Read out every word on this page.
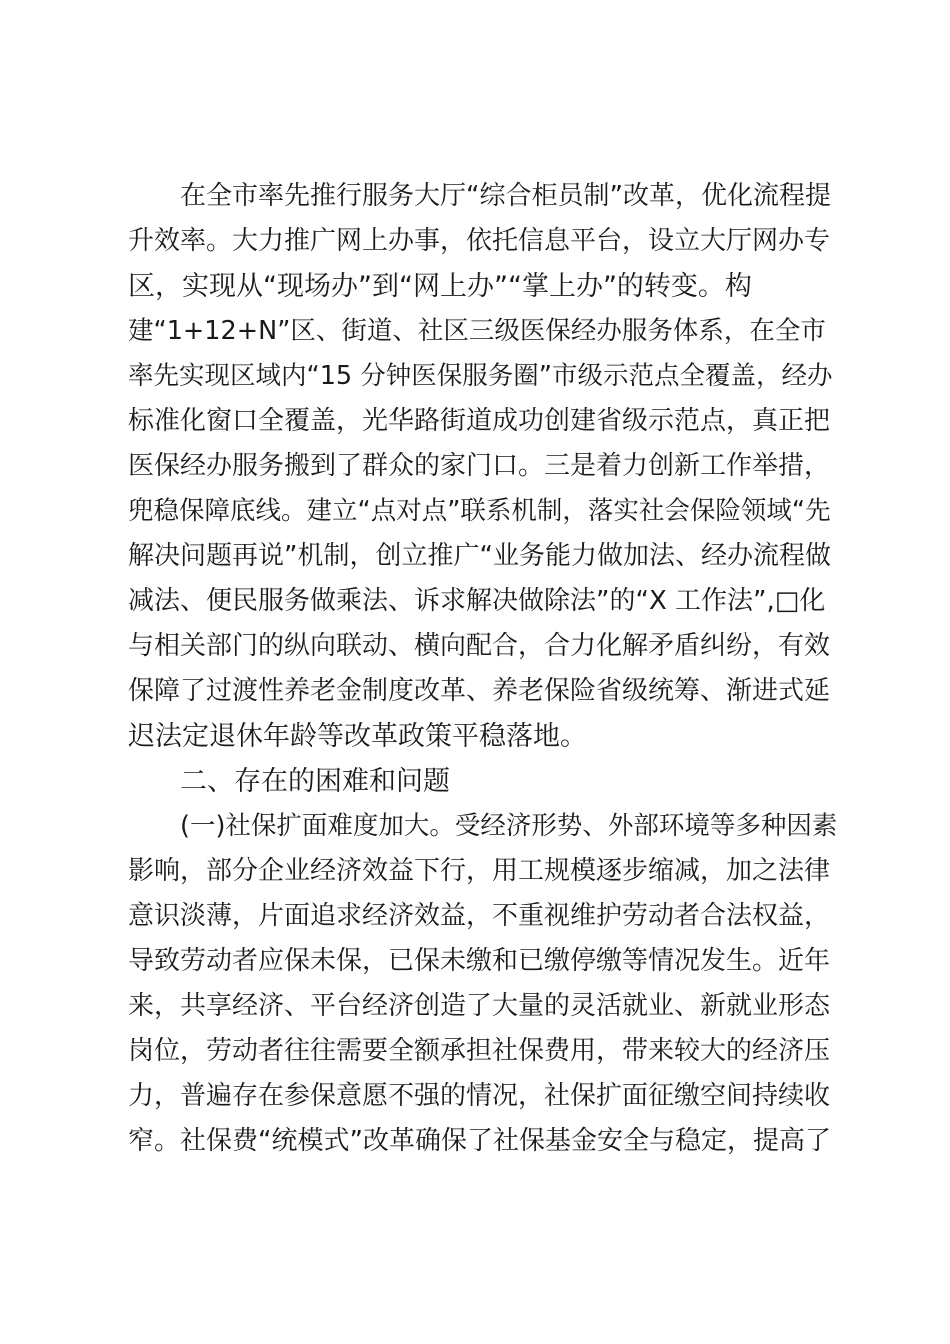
在全市率先推行服务大厅“综合柜员制”改革，优化流程提
升效率。大力推广网上办事，依托信息平台，设立大厅网办专
区，实现从“现场办”到“网上办”“掌上办”的转变。构
建“1+12+N”区、街道、社区三级医保经办服务体系，在全市
率先实现区域内“15 分钟医保服务圈”市级示范点全覆盖，经办
标准化窗口全覆盖，光华路街道成功创建省级示范点，真正把
医保经办服务搬到了群众的家门口。三是着力创新工作举措，
兜稳保障底线。建立“点对点”联系机制，落实社会保险领域“先
解决问题再说”机制，创立推广“业务能力做加法、经办流程做
减法、便民服务做乘法、诉求解决做除法”的“X 工作法”,□化
与相关部门的纵向联动、横向配合，合力化解矛盾纠纷，有效
保障了过渡性养老金制度改革、养老保险省级统筹、渐进式延
迟法定退休年龄等改革政策平稳落地。
二、存在的困难和问题
(一)社保扩面难度加大。受经济形势、外部环境等多种因素
影响，部分企业经济效益下行，用工规模逐步缩减，加之法律
意识淡薄，片面追求经济效益，不重视维护劳动者合法权益，
导致劳动者应保未保，已保未缴和已缴停缴等情况发生。近年
来，共享经济、平台经济创造了大量的灵活就业、新就业形态
岗位，劳动者往往需要全额承担社保费用，带来较大的经济压
力，普遍存在参保意愿不强的情况，社保扩面征缴空间持续收
窄。社保费“统模式”改革确保了社保基金安全与稳定，提高了
